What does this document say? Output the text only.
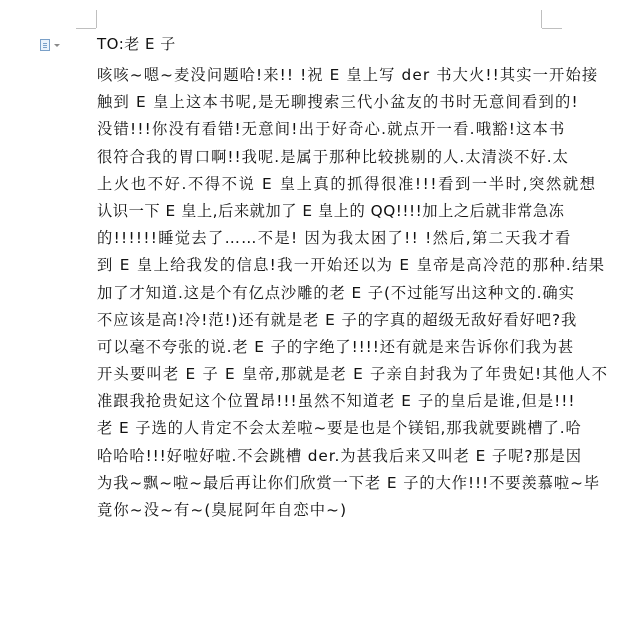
TO:老 E 子
咳咳~嗯~麦没问题哈!来!! !祝 E 皇上写 der 书大火!!其实一开始接
触到 E 皇上这本书呢,是无聊搜索三代小盆友的书时无意间看到的!
没错!!!你没有看错!无意间!出于好奇心.就点开一看.哦豁!这本书
很符合我的胃口啊!!我呢.是属于那种比较挑剔的人.太清淡不好.太
上火也不好.不得不说 E 皇上真的抓得很准!!!看到一半时,突然就想
认识一下 E 皇上,后来就加了 E 皇上的 QQ!!!!加上之后就非常急冻
的!!!!!!睡觉去了……不是! 因为我太困了!! !然后,第二天我才看
到 E 皇上给我发的信息!我一开始还以为 E 皇帝是高冷范的那种.结果
加了才知道.这是个有亿点沙雕的老 E 子(不过能写出这种文的.确实
不应该是高!冷!范!)还有就是老 E 子的字真的超级无敌好看好吧?我
可以毫不夸张的说.老 E 子的字绝了!!!!还有就是来告诉你们我为甚
开头要叫老 E 子 E 皇帝,那就是老 E 子亲自封我为了年贵妃!其他人不
准跟我抢贵妃这个位置昂!!!虽然不知道老 E 子的皇后是谁,但是!!!
老 E 子选的人肯定不会太差啦~要是也是个镁铝,那我就要跳槽了.哈
哈哈哈!!!好啦好啦.不会跳槽 der.为甚我后来又叫老 E 子呢?那是因
为我~飘~啦~最后再让你们欣赏一下老 E 子的大作!!!不要羡慕啦~毕
竟你~没~有~(臭屁阿年自恋中~)
